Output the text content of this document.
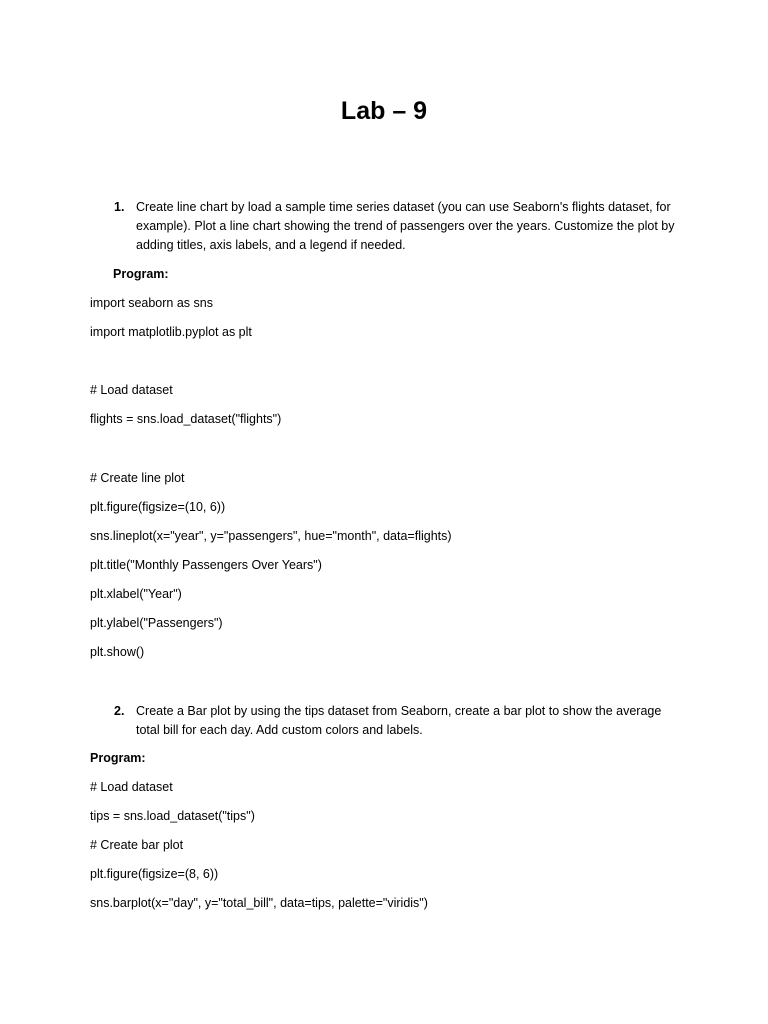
Lab – 9
1. Create line chart by load a sample time series dataset (you can use Seaborn's flights dataset, for example). Plot a line chart showing the trend of passengers over the years. Customize the plot by adding titles, axis labels, and a legend if needed.
Program:
import seaborn as sns
import matplotlib.pyplot as plt
# Load dataset
flights = sns.load_dataset("flights")
# Create line plot
plt.figure(figsize=(10, 6))
sns.lineplot(x="year", y="passengers", hue="month", data=flights)
plt.title("Monthly Passengers Over Years")
plt.xlabel("Year")
plt.ylabel("Passengers")
plt.show()
2. Create a Bar plot by using the tips dataset from Seaborn, create a bar plot to show the average total bill for each day. Add custom colors and labels.
Program:
# Load dataset
tips = sns.load_dataset("tips")
# Create bar plot
plt.figure(figsize=(8, 6))
sns.barplot(x="day", y="total_bill", data=tips, palette="viridis")
